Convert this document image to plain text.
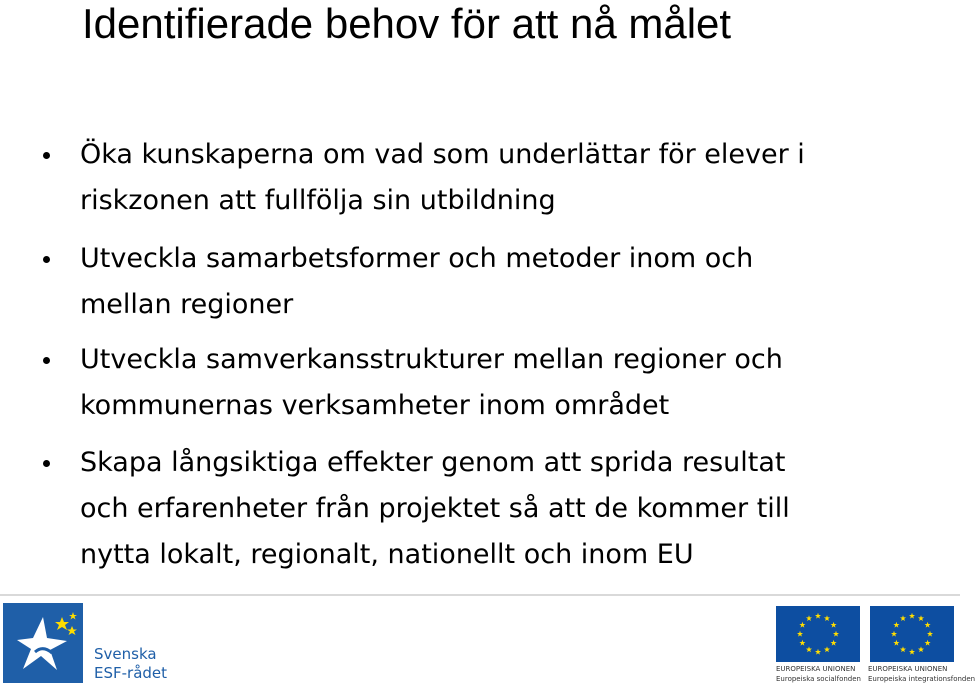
Identifierade behov för att nå målet
Öka kunskaperna om vad som underlättar för elever i
riskzonen att fullfölja sin utbildning
Utveckla samarbetsformer och metoder inom och
mellan regioner
Utveckla samverkansstrukturer mellan regioner och
kommunernas verksamheter inom området
Skapa långsiktiga effekter genom att sprida resultat
och erfarenheter från projektet så att de kommer till
nytta lokalt, regionalt, nationellt och inom EU
Svenska
ESF-rådet	EUROPEISKA UNIONEN
Europeiska socialfonden
EUROPEISKA UNIONEN
Europeiska integrationsfonden
